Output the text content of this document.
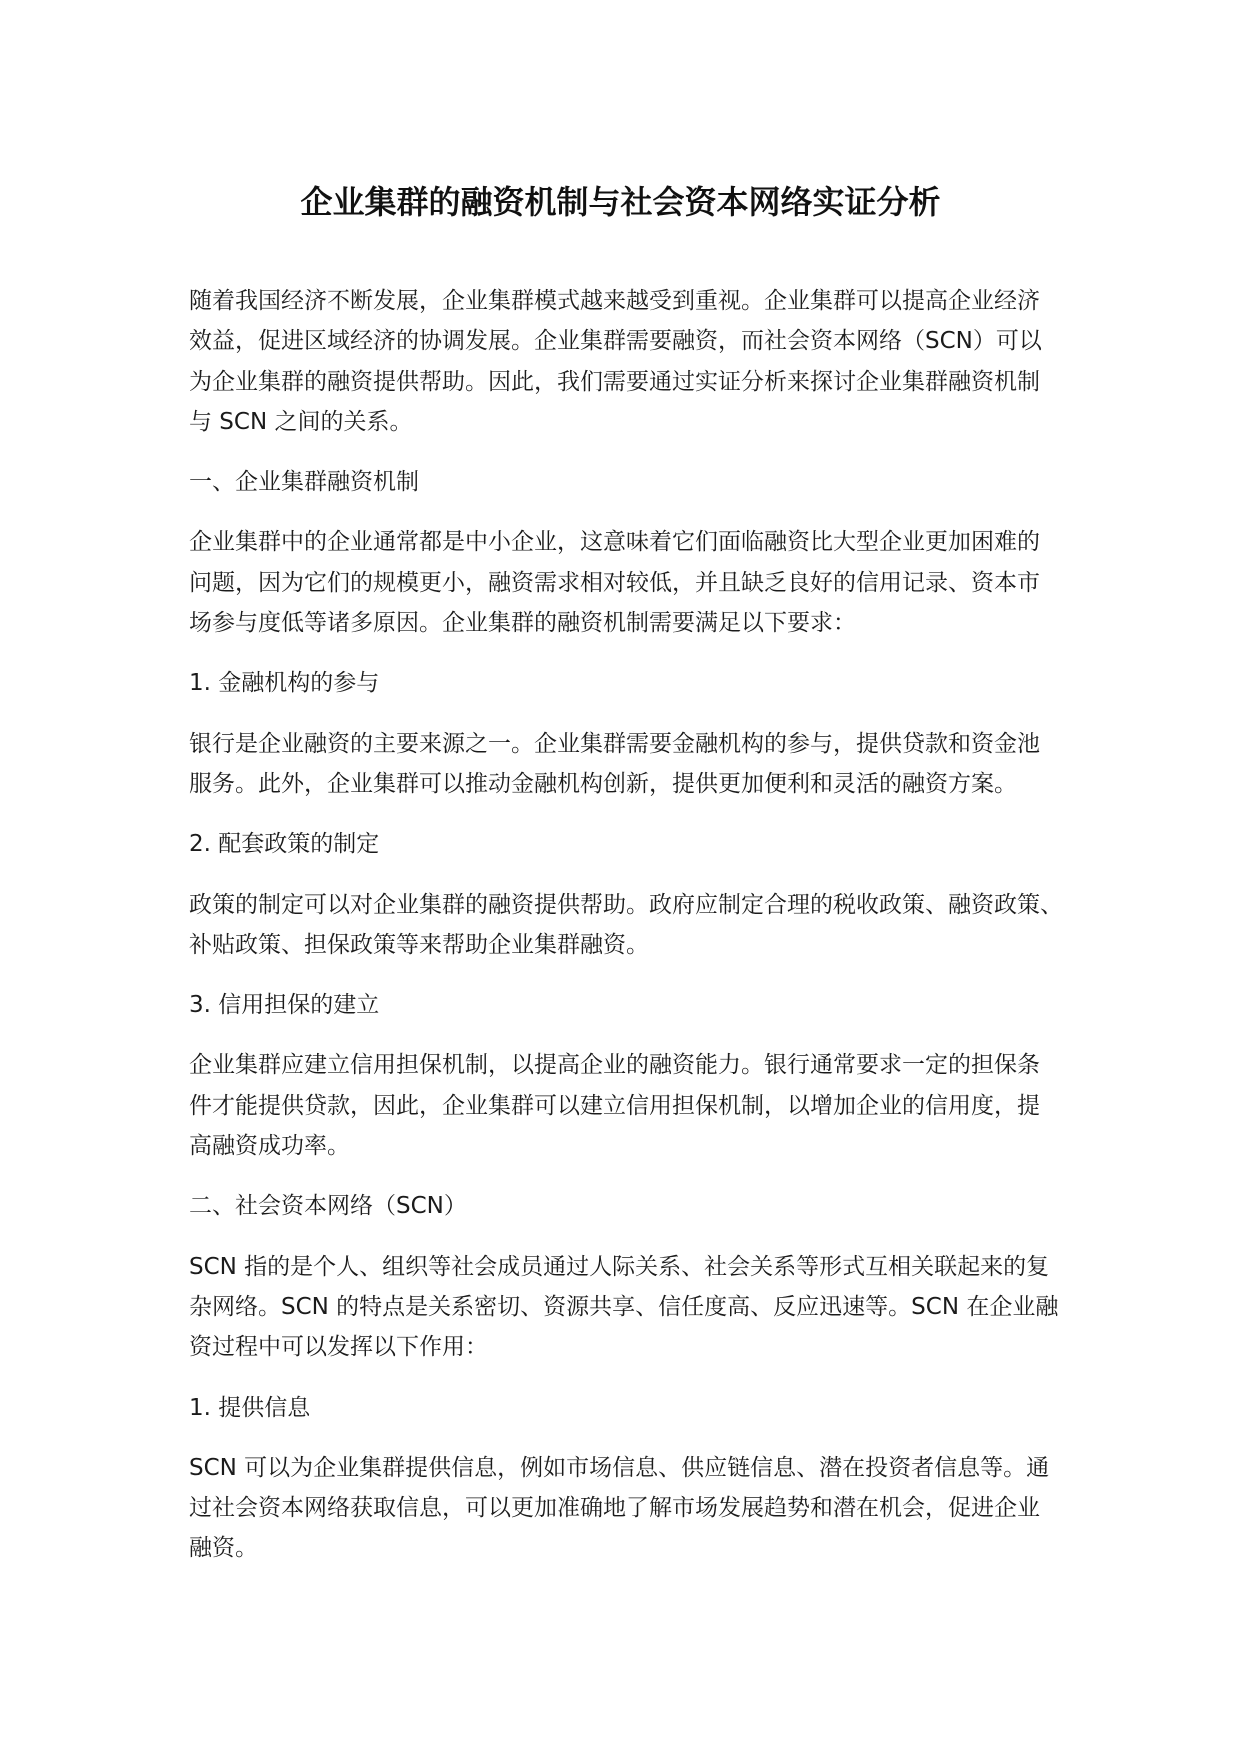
企业集群的融资机制与社会资本网络实证分析
随着我国经济不断发展，企业集群模式越来越受到重视。企业集群可以提高企业经济
效益，促进区域经济的协调发展。企业集群需要融资，而社会资本网络（SCN）可以
为企业集群的融资提供帮助。因此，我们需要通过实证分析来探讨企业集群融资机制
与 SCN 之间的关系。
一、企业集群融资机制
企业集群中的企业通常都是中小企业，这意味着它们面临融资比大型企业更加困难的
问题，因为它们的规模更小，融资需求相对较低，并且缺乏良好的信用记录、资本市
场参与度低等诸多原因。企业集群的融资机制需要满足以下要求：
1. 金融机构的参与
银行是企业融资的主要来源之一。企业集群需要金融机构的参与，提供贷款和资金池
服务。此外，企业集群可以推动金融机构创新，提供更加便利和灵活的融资方案。
2. 配套政策的制定
政策的制定可以对企业集群的融资提供帮助。政府应制定合理的税收政策、融资政策、
补贴政策、担保政策等来帮助企业集群融资。
3. 信用担保的建立
企业集群应建立信用担保机制，以提高企业的融资能力。银行通常要求一定的担保条
件才能提供贷款，因此，企业集群可以建立信用担保机制，以增加企业的信用度，提
高融资成功率。
二、社会资本网络（SCN）
SCN 指的是个人、组织等社会成员通过人际关系、社会关系等形式互相关联起来的复
杂网络。SCN 的特点是关系密切、资源共享、信任度高、反应迅速等。SCN 在企业融
资过程中可以发挥以下作用：
1. 提供信息
SCN 可以为企业集群提供信息，例如市场信息、供应链信息、潜在投资者信息等。通
过社会资本网络获取信息，可以更加准确地了解市场发展趋势和潜在机会，促进企业
融资。
